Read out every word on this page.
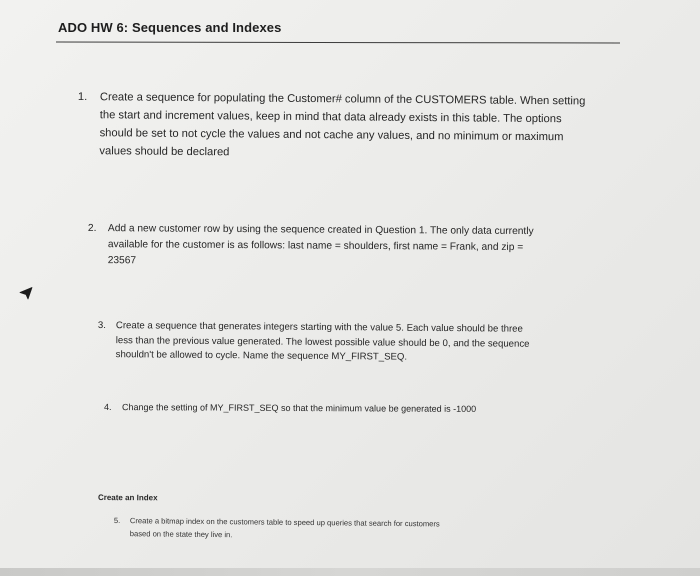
ADO HW 6: Sequences and Indexes
1. Create a sequence for populating the Customer# column of the CUSTOMERS table. When setting
the start and increment values, keep in mind that data already exists in this table. The options
should be set to not cycle the values and not cache any values, and no minimum or maximum
values should be declared
2. Add a new customer row by using the sequence created in Question 1. The only data currently
available for the customer is as follows: last name = shoulders, first name = Frank, and zip =
23567
3. Create a sequence that generates integers starting with the value 5. Each value should be three
less than the previous value generated. The lowest possible value should be 0, and the sequence
shouldn't be allowed to cycle. Name the sequence MY_FIRST_SEQ.
4. Change the setting of MY_FIRST_SEQ so that the minimum value be generated is -1000
Create an Index
5. Create a bitmap index on the customers table to speed up queries that search for customers
based on the state they live in.
